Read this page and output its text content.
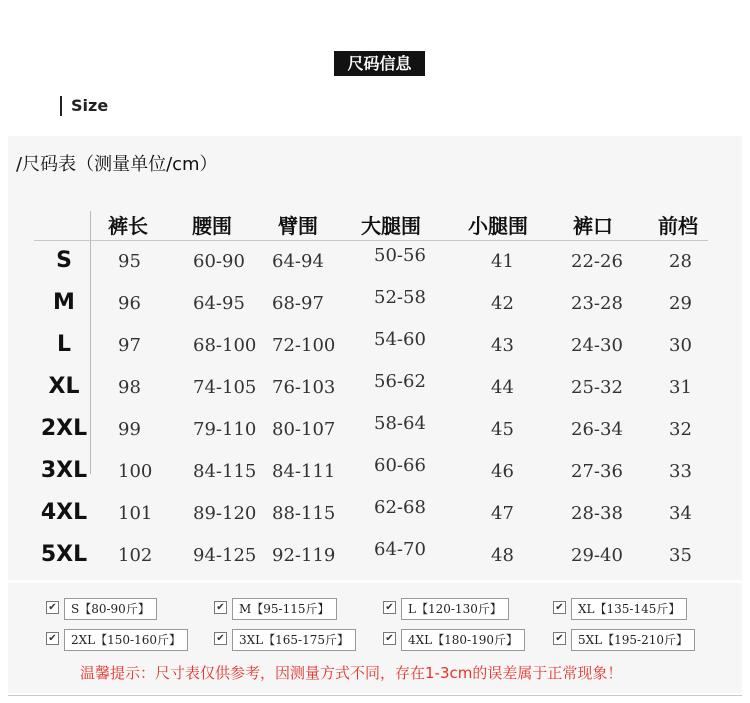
尺码信息
Size
/尺码表（测量单位/cm）
裤长 腰围 臂围 大腿围 小腿围 裤口 前档
S	95	60-90 64-94	50-56	41	22-26	28
M	96	64-95 68-97	52-58	42	23-28	29
L	97	68-100 72-100 54-60	43	24-30	30
XL	98	74-105 76-103 56-62	44	25-32	31
2XL	99	79-110 80-107 58-64	45	26-34	32
3XL	100 84-115 84-111 60-66	46	27-36	33
4XL	101 89-120 88-115 62-68	47	28-38	34
5XL	102 94-125 92-119 64-70	48	29-40	35
✔	S【80-90斤】	✔	M【95-115斤】	✔	L【120-130斤】	✔	XL【135-145斤】
✔	2XL【150-160斤】	✔	3XL【165-175斤】	✔	4XL【180-190斤】	✔	5XL【195-210斤】
温馨提示：尺寸表仅供参考，因测量方式不同，存在1-3cm的误差属于正常现象！
